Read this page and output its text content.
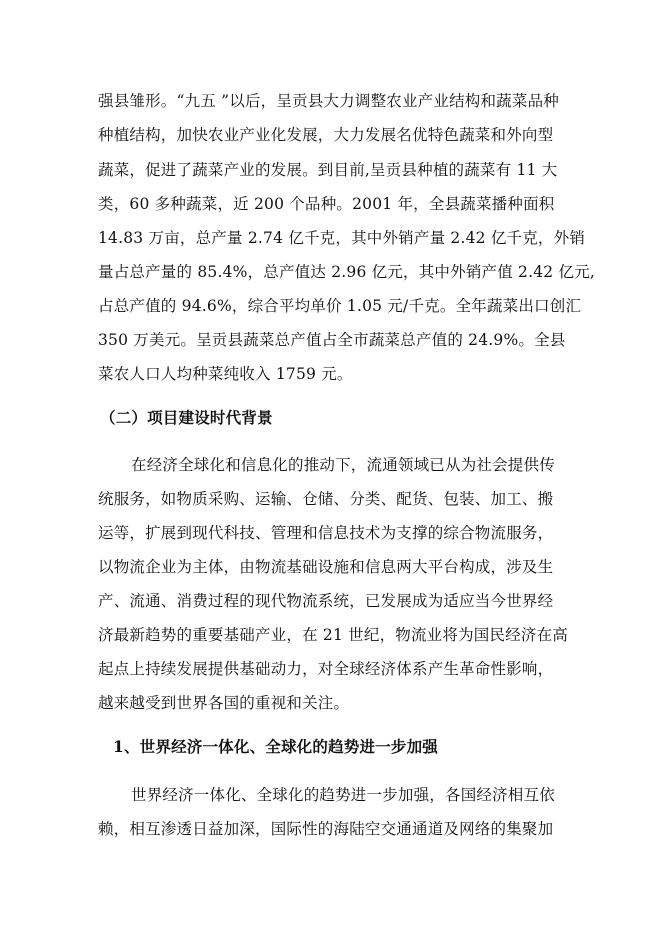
强县雏形。“九五 ”以后，呈贡县大力调整农业产业结构和蔬菜品种
种植结构，加快农业产业化发展，大力发展名优特色蔬菜和外向型
蔬菜，促进了蔬菜产业的发展。到目前,呈贡县种植的蔬菜有 11 大
类，60 多种蔬菜，近 200 个品种。2001 年，全县蔬菜播种面积
14.83 万亩，总产量 2.74 亿千克，其中外销产量 2.42 亿千克，外销
量占总产量的 85.4%，总产值达 2.96 亿元，其中外销产值 2.42 亿元,
占总产值的 94.6%，综合平均单价 1.05 元/千克。全年蔬菜出口创汇
350 万美元。呈贡县蔬菜总产值占全市蔬菜总产值的 24.9%。全县
菜农人口人均种菜纯收入 1759 元。
（二）项目建设时代背景
在经济全球化和信息化的推动下，流通领域已从为社会提供传
统服务，如物质采购、运输、仓储、分类、配货、包装、加工、搬
运等，扩展到现代科技、管理和信息技术为支撑的综合物流服务，
以物流企业为主体，由物流基础设施和信息两大平台构成，涉及生
产、流通、消费过程的现代物流系统，已发展成为适应当今世界经
济最新趋势的重要基础产业，在 21 世纪，物流业将为国民经济在高
起点上持续发展提供基础动力，对全球经济体系产生革命性影响，
越来越受到世界各国的重视和关注。
1、世界经济一体化、全球化的趋势进一步加强
世界经济一体化、全球化的趋势进一步加强，各国经济相互依
赖，相互渗透日益加深，国际性的海陆空交通通道及网络的集聚加
